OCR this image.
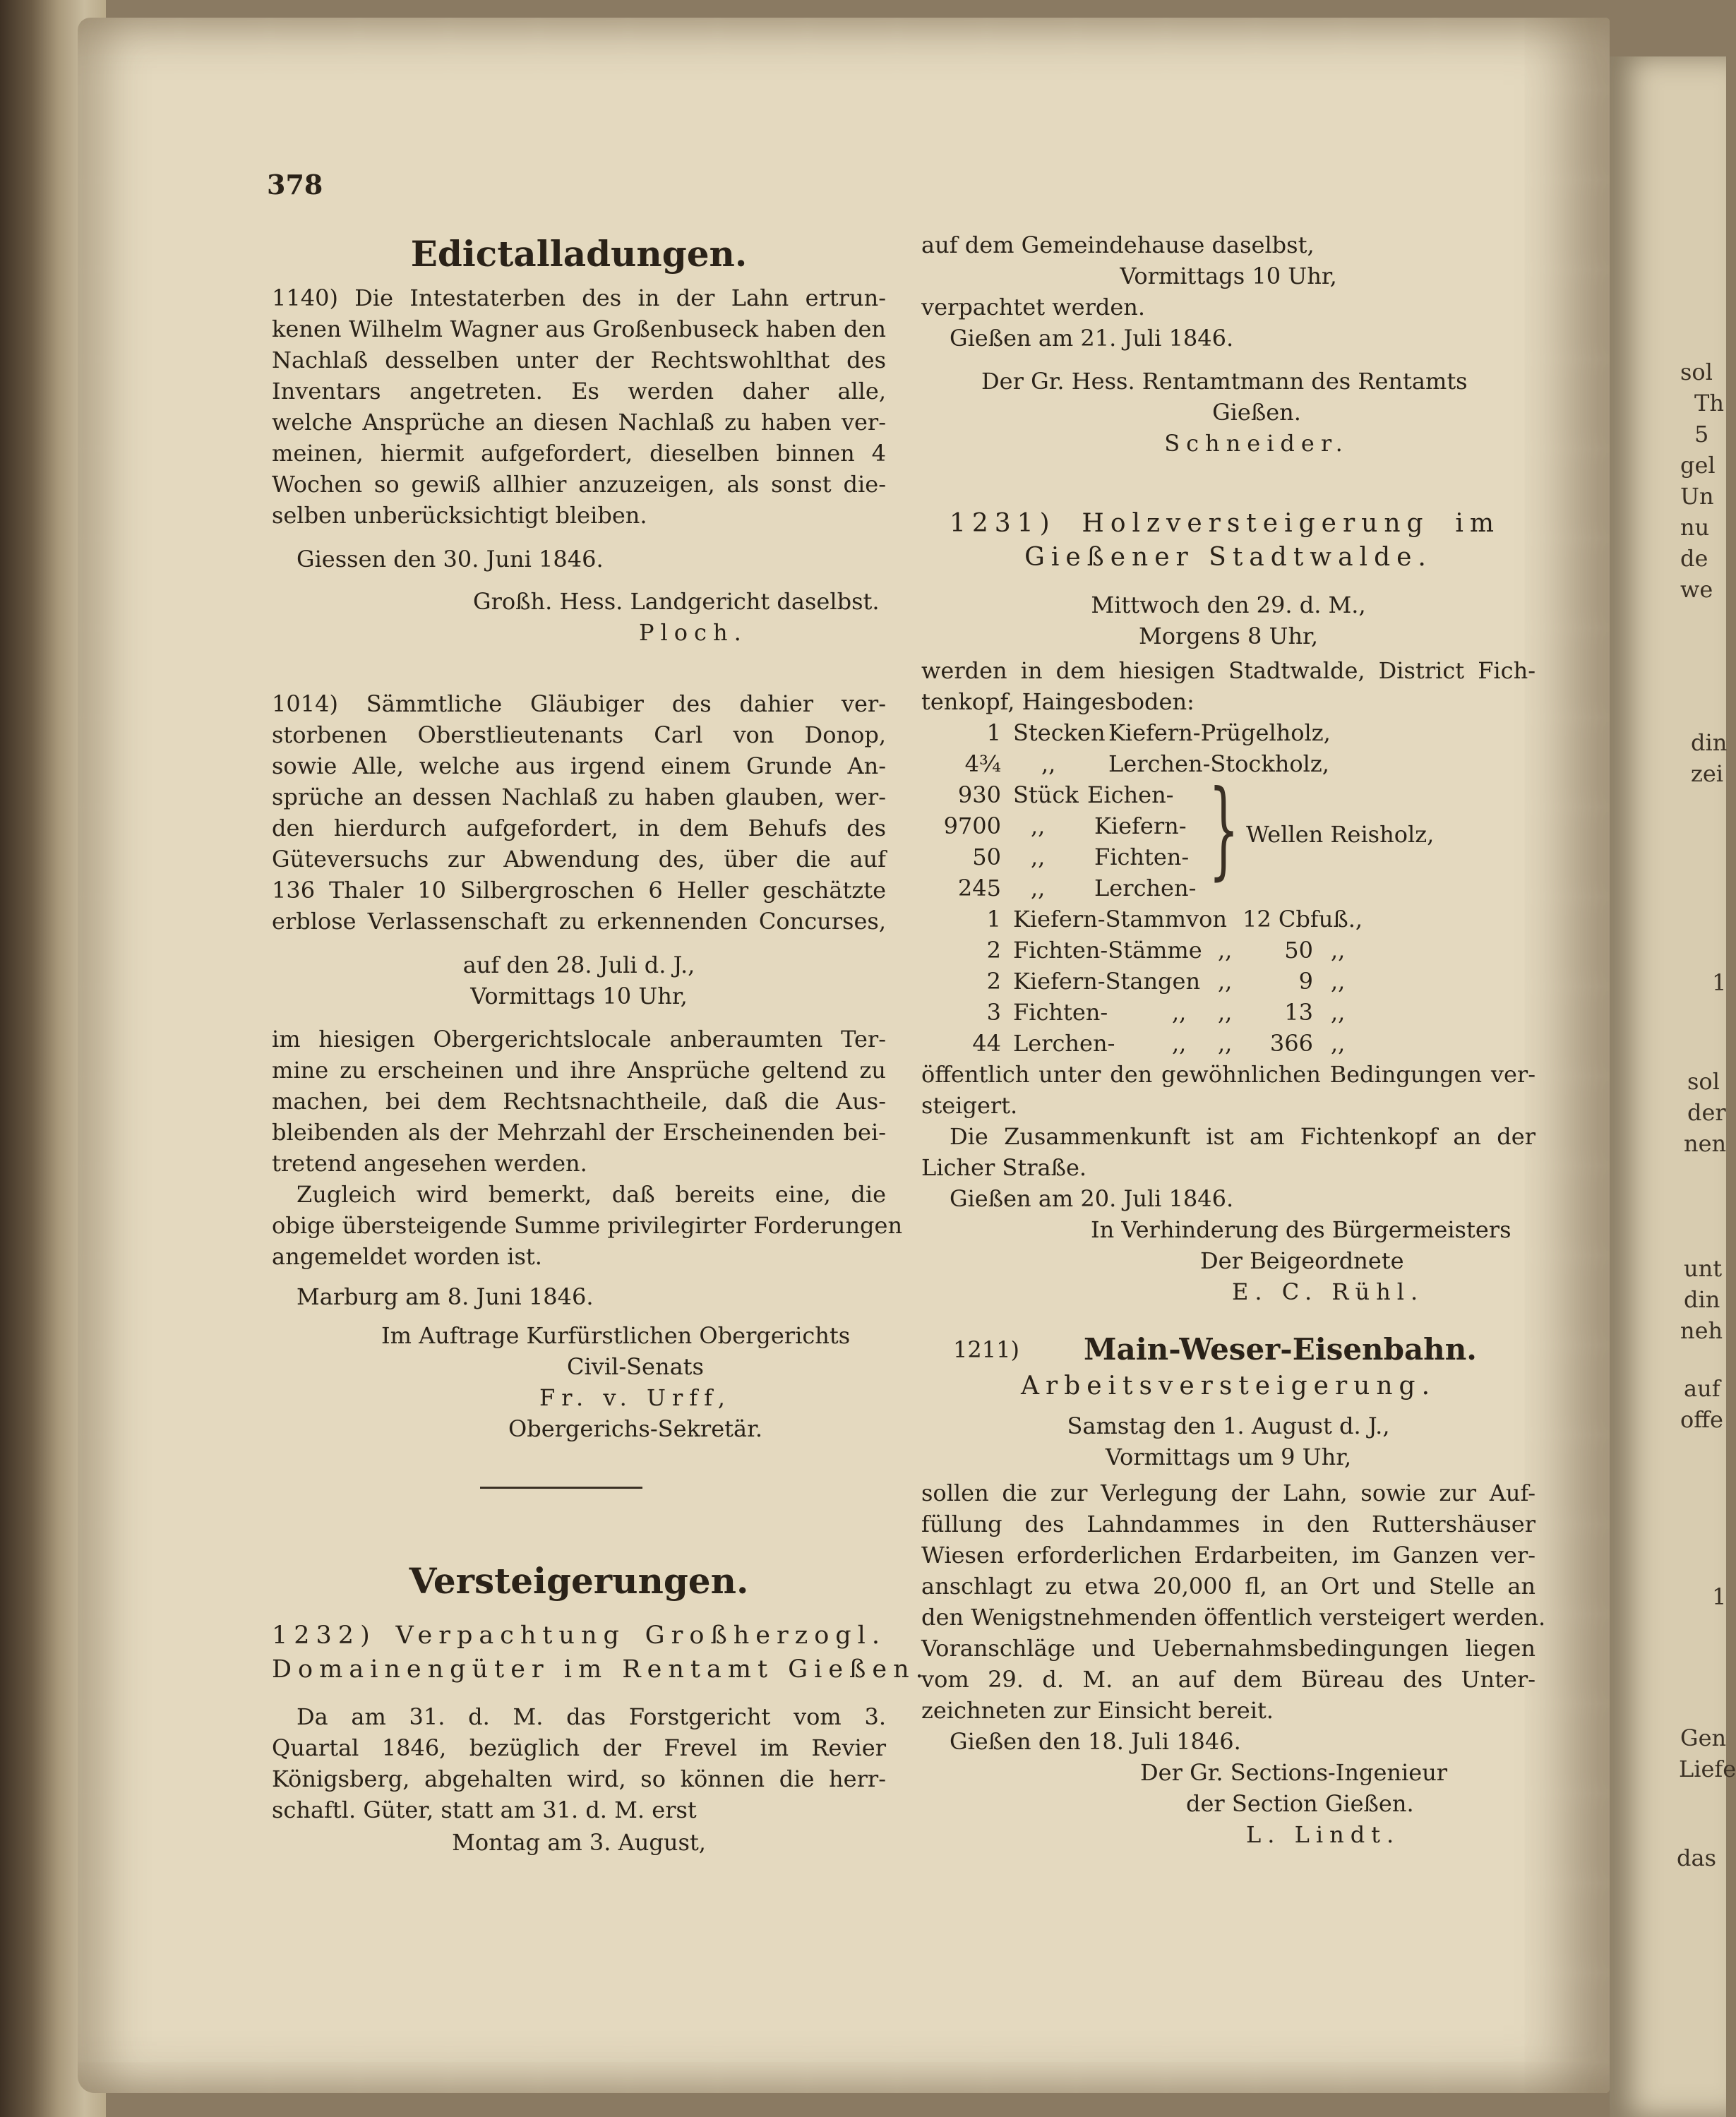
378
Edictalladungen.
1140) Die Intestaterben des in der Lahn ertrun-
kenen Wilhelm Wagner aus Großenbuseck haben den
Nachlaß desselben unter der Rechtswohlthat des
Inventars angetreten. Es werden daher alle,
welche Ansprüche an diesen Nachlaß zu haben ver-
meinen, hiermit aufgefordert, dieselben binnen 4
Wochen so gewiß allhier anzuzeigen, als sonst die-
selben unberücksichtigt bleiben.
Giessen den 30. Juni 1846.
Großh. Hess. Landgericht daselbst.
Ploch.
1014) Sämmtliche Gläubiger des dahier ver-
storbenen Oberstlieutenants Carl von Donop,
sowie Alle, welche aus irgend einem Grunde An-
sprüche an dessen Nachlaß zu haben glauben, wer-
den hierdurch aufgefordert, in dem Behufs des
Güteversuchs zur Abwendung des, über die auf
136 Thaler 10 Silbergroschen 6 Heller geschätzte
erblose Verlassenschaft zu erkennenden Concurses,
auf den 28. Juli d. J.,
Vormittags 10 Uhr,
im hiesigen Obergerichtslocale anberaumten Ter-
mine zu erscheinen und ihre Ansprüche geltend zu
machen, bei dem Rechtsnachtheile, daß die Aus-
bleibenden als der Mehrzahl der Erscheinenden bei-
tretend angesehen werden.
Zugleich wird bemerkt, daß bereits eine, die
obige übersteigende Summe privilegirter Forderungen
angemeldet worden ist.
Marburg am 8. Juni 1846.
Im Auftrage Kurfürstlichen Obergerichts
Civil-Senats
Fr. v. Urff,
Obergerichs-Sekretär.
Versteigerungen.
1232) Verpachtung Großherzogl.
Domainengüter im Rentamt Gießen.
Da am 31. d. M. das Forstgericht vom 3.
Quartal 1846, bezüglich der Frevel im Revier
Königsberg, abgehalten wird, so können die herr-
schaftl. Güter, statt am 31. d. M. erst
Montag am 3. August,
auf dem Gemeindehause daselbst,
Vormittags 10 Uhr,
verpachtet werden.
Gießen am 21. Juli 1846.
Der Gr. Hess. Rentamtmann des Rentamts
Gießen.
Schneider.
1231) Holzversteigerung im
Gießener Stadtwalde.
Mittwoch den 29. d. M.,
Morgens 8 Uhr,
werden in dem hiesigen Stadtwalde, District Fich-
tenkopf, Haingesboden:
1 Stecken Kiefern-Prügelholz,
4¾ ,, Lerchen-Stockholz,
930 Stück Eichen-
9700 ,, Kiefern-
50 ,, Fichten-
245 ,, Lerchen- } Wellen Reisholz,
1 Kiefern-Stamm von 12 Cbfuß.,
2 Fichten-Stämme ,,	50 ,,
2 Kiefern-Stangen ,,	9 ,,
3 Fichten-	,, ,,	13 ,,
44 Lerchen-	,, ,, 366 ,,
öffentlich unter den gewöhnlichen Bedingungen ver-
steigert.
Die Zusammenkunft ist am Fichtenkopf an der
Licher Straße.
Gießen am 20. Juli 1846.
In Verhinderung des Bürgermeisters
Der Beigeordnete
E. C. Rühl.
1211) Main-Weser-Eisenbahn.
Arbeitsversteigerung.
Samstag den 1. August d. J.,
Vormittags um 9 Uhr,
sollen die zur Verlegung der Lahn, sowie zur Auf-
füllung des Lahndammes in den Ruttershäuser
Wiesen erforderlichen Erdarbeiten, im Ganzen ver-
anschlagt zu etwa 20,000 fl, an Ort und Stelle an
den Wenigstnehmenden öffentlich versteigert werden.
Voranschläge und Uebernahmsbedingungen liegen
vom 29. d. M. an auf dem Büreau des Unter-
zeichneten zur Einsicht bereit.
Gießen den 18. Juli 1846.
Der Gr. Sections-Ingenieur
der Section Gießen.
L. Lindt.
sol
Th
5
gel
Un
nu
de
we
din
zei
1
sol
der
nen
unt
din
neh
auf
offe
1
Gen
Liefe
das
